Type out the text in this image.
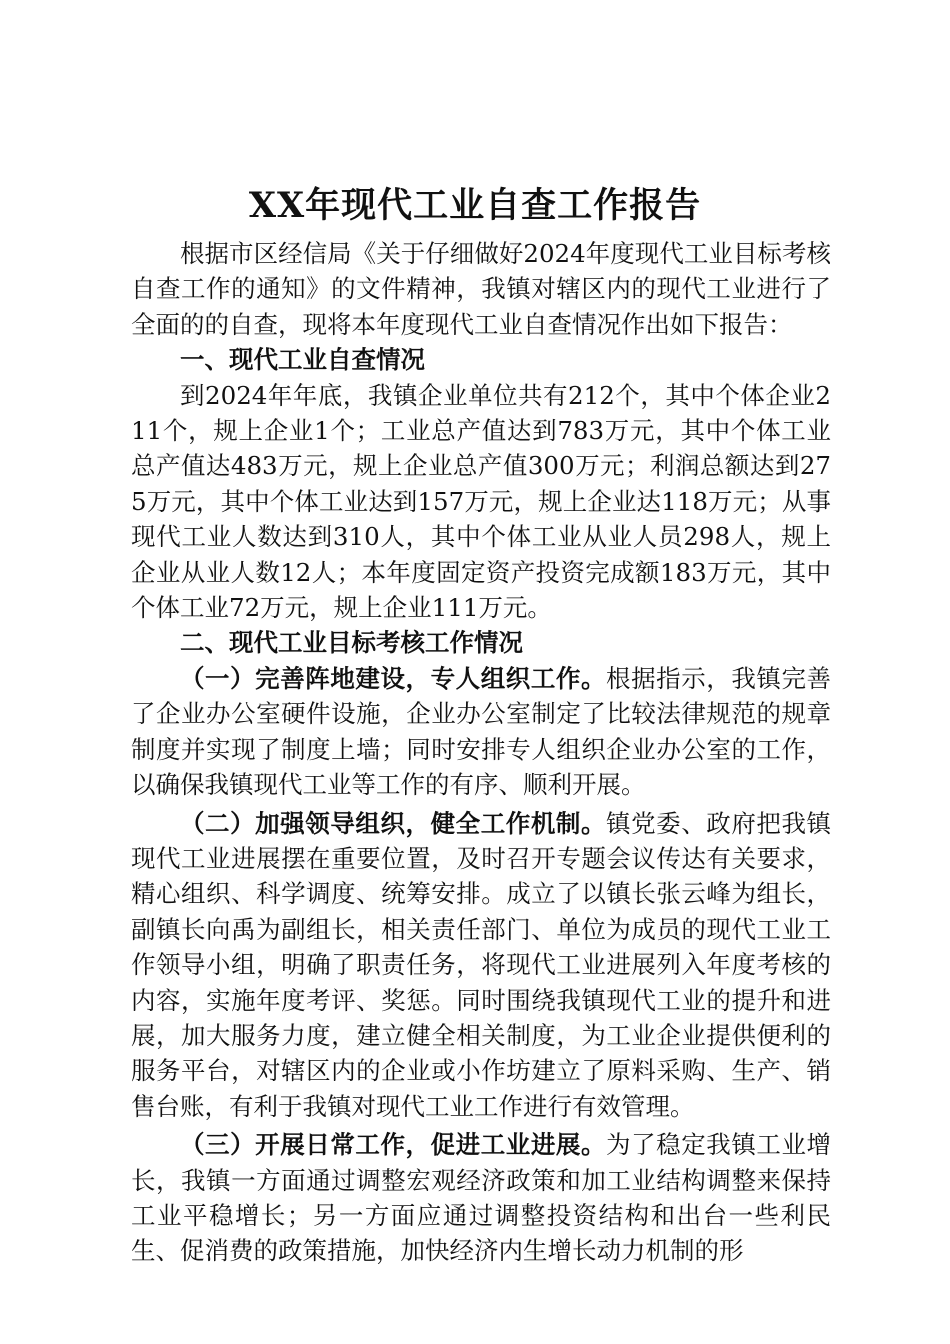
XX年现代工业自查工作报告

根据市区经信局《关于仔细做好2024年度现代工业目标考核自查工作的通知》的文件精神，我镇对辖区内的现代工业进行了全面的的自查，现将本年度现代工业自查情况作出如下报告：

一、现代工业自查情况

到2024年年底，我镇企业单位共有212个，其中个体企业211个，规上企业1个；工业总产值达到783万元，其中个体工业总产值达483万元，规上企业总产值300万元；利润总额达到275万元，其中个体工业达到157万元，规上企业达118万元；从事现代工业人数达到310人，其中个体工业从业人员298人，规上企业从业人数12人；本年度固定资产投资完成额183万元，其中个体工业72万元，规上企业111万元。

二、现代工业目标考核工作情况

（一）完善阵地建设，专人组织工作。根据指示，我镇完善了企业办公室硬件设施，企业办公室制定了比较法律规范的规章制度并实现了制度上墙；同时安排专人组织企业办公室的工作，以确保我镇现代工业等工作的有序、顺利开展。

（二）加强领导组织，健全工作机制。镇党委、政府把我镇现代工业进展摆在重要位置，及时召开专题会议传达有关要求，精心组织、科学调度、统筹安排。成立了以镇长张云峰为组长，副镇长向禹为副组长，相关责任部门、单位为成员的现代工业工作领导小组，明确了职责任务，将现代工业进展列入年度考核的内容，实施年度考评、奖惩。同时围绕我镇现代工业的提升和进展，加大服务力度，建立健全相关制度，为工业企业提供便利的服务平台，对辖区内的企业或小作坊建立了原料采购、生产、销售台账，有利于我镇对现代工业工作进行有效管理。

（三）开展日常工作，促进工业进展。为了稳定我镇工业增长，我镇一方面通过调整宏观经济政策和加工业结构调整来保持工业平稳增长；另一方面应通过调整投资结构和出台一些利民生、促消费的政策措施，加快经济内生增长动力机制的形
